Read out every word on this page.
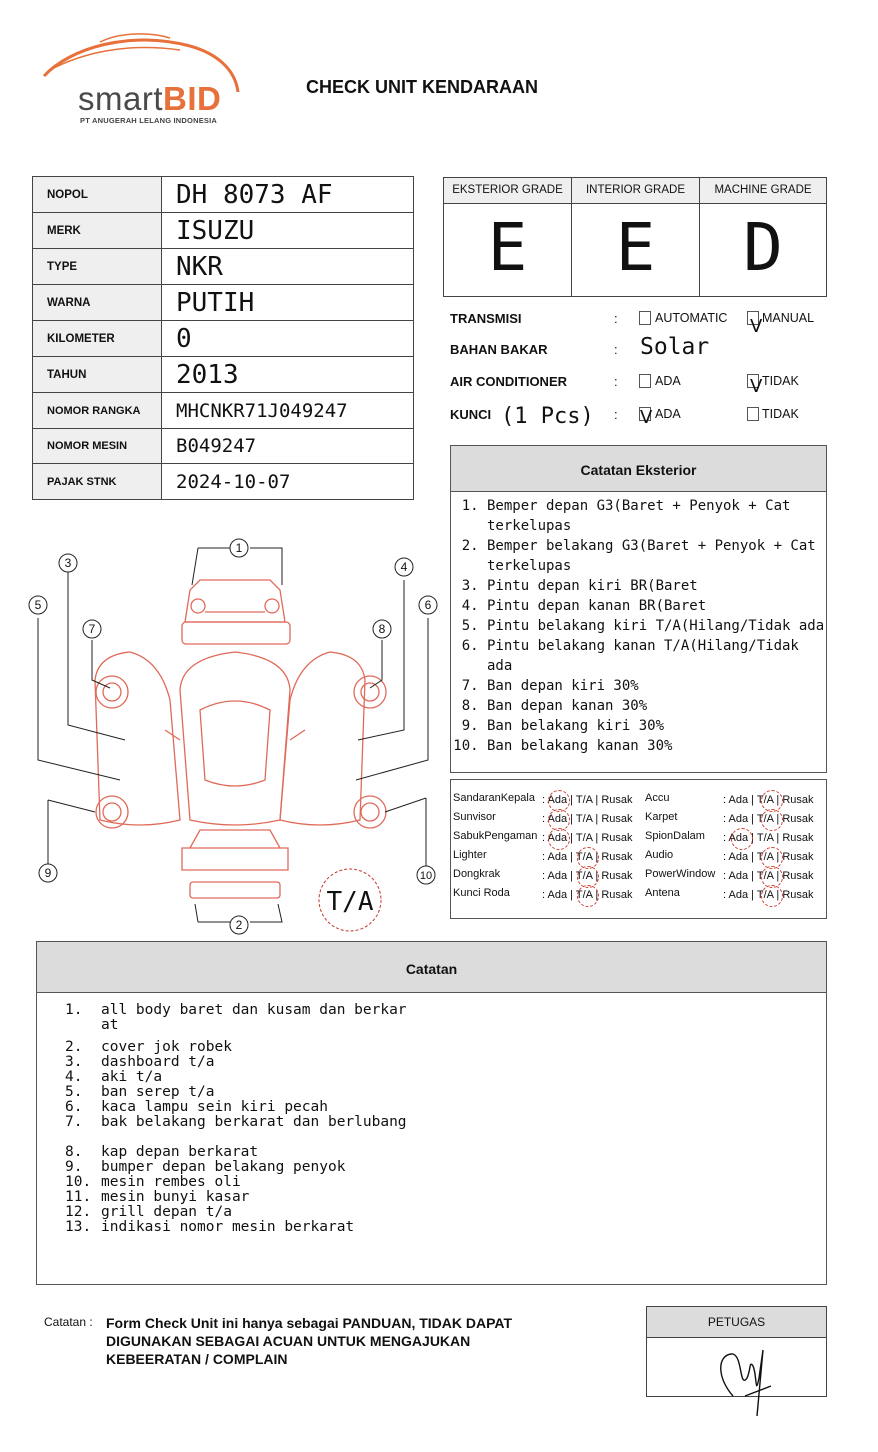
smartBID
PT ANUGERAH LELANG INDONESIA
CHECK UNIT KENDARAAN
NOPOL	DH 8073 AF
MERK	ISUZU
TYPE	NKR
WARNA	PUTIH
KILOMETER	0
TAHUN	2013
NOMOR RANGKA	MHCNKR71J049247
NOMOR MESIN	B049247
PAJAK STNK	2024-10-07
EKSTERIOR GRADE
E
INTERIOR GRADE
E
MACHINE GRADE
D
TRANSMISI	:	AUTOMATIC V MANUAL
BAHAN BAKAR	: Solar
AIR CONDITIONER	:	ADA	V TIDAK
KUNCI (1 Pcs) : V ADA	TIDAK
Catatan Eksterior
1. Bemper depan G3(Baret + Penyok + Cat terkelupas
2. Bemper belakang G3(Baret + Penyok + Cat terkelupas
3. Pintu depan kiri BR(Baret
4. Pintu depan kanan BR(Baret
5. Pintu belakang kiri T/A(Hilang/Tidak ada
6. Pintu belakang kanan T/A(Hilang/Tidak ada
7. Ban depan kiri 30%
8. Ban depan kanan 30%
9. Ban belakang kiri 30%
10. Ban belakang kanan 30%
SandaranKepala : Ada | T/A | Rusak
Sunvisor	: Ada | T/A | Rusak
SabukPengaman : Ada | T/A | Rusak
Lighter	: Ada | T/A | Rusak
Dongkrak	: Ada | T/A | Rusak
Kunci Roda	: Ada | T/A | Rusak
Accu	: Ada | T/A | Rusak
Karpet	: Ada | T/A | Rusak
SpionDalam : Ada | T/A | Rusak
Audio	: Ada | T/A | Rusak
PowerWindow : Ada | T/A | Rusak
Antena	: Ada | T/A | Rusak
1
2
3	4
5	6
7	8
9	10
T/A
Catatan
1. all body baret dan kusam dan berkar
at
2. cover jok robek
3. dashboard t/a
4. aki t/a
5. ban serep t/a
6. kaca lampu sein kiri pecah
7. bak belakang berkarat dan berlubang
8. kap depan berkarat
9. bumper depan belakang penyok
10. mesin rembes oli
11. mesin bunyi kasar
12. grill depan t/a
13. indikasi nomor mesin berkarat
Catatan : Form Check Unit ini hanya sebagai PANDUAN, TIDAK DAPAT DIGUNAKAN SEBAGAI ACUAN UNTUK MENGAJUKAN KEBEERATAN / COMPLAIN
PETUGAS
